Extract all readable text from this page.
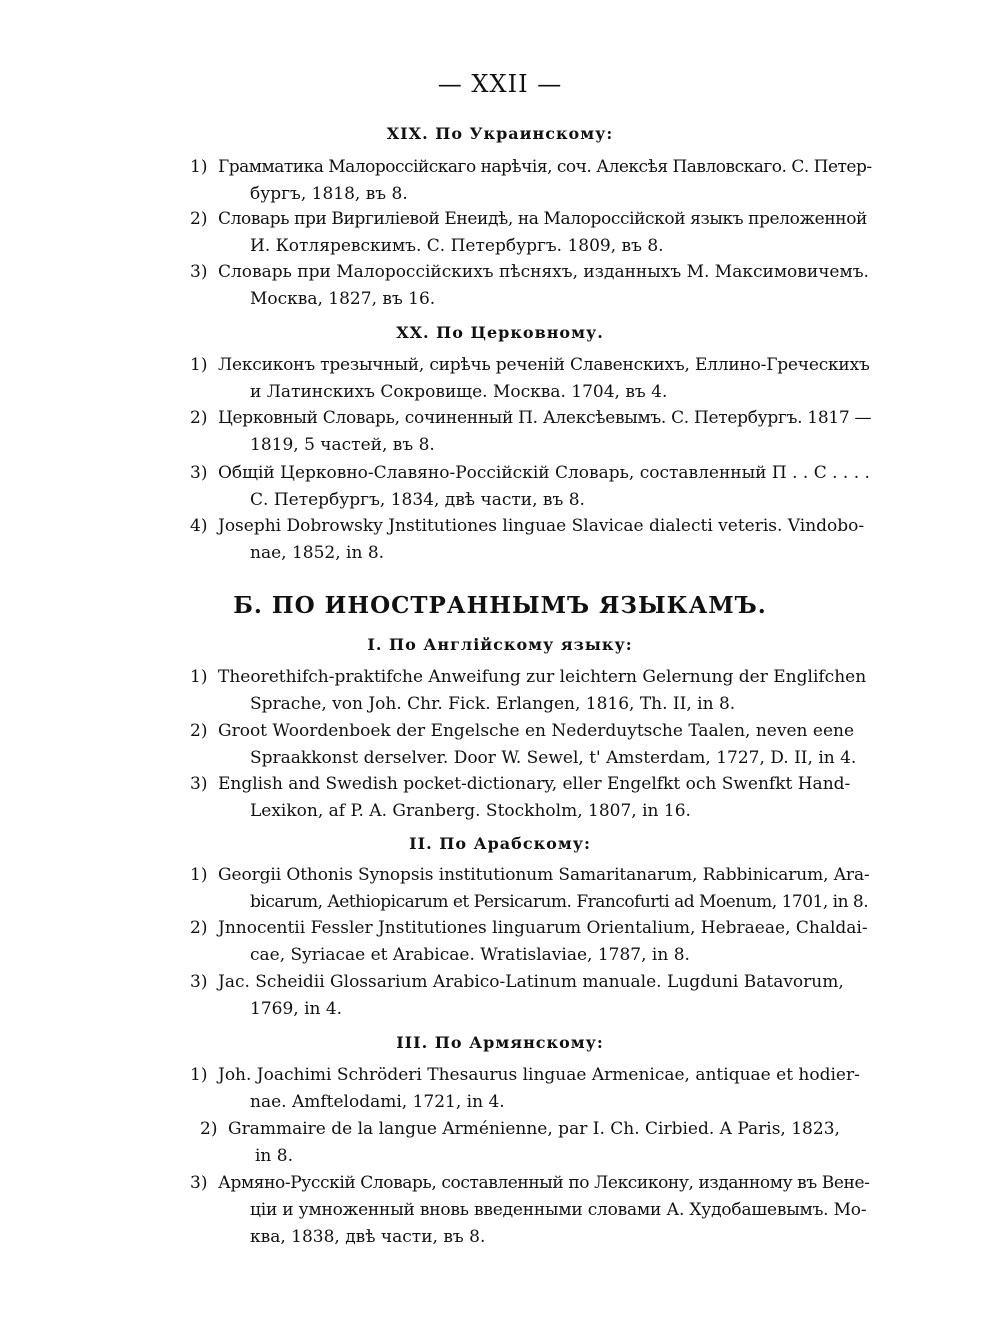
— XXII —
XIX. По Украинскому:
1) Грамматика Малороссійскаго нарѣчія, соч. Алексѣя Павловскаго. С. Петер-
бургъ, 1818, въ 8.
2) Словарь при Виргиліевой Енеидѣ, на Малороссійской языкъ преложенной
И. Котляревскимъ. С. Петербургъ. 1809, въ 8.
3) Словарь при Малороссійскихъ пѣсняхъ, изданныхъ М. Максимовичемъ.
Москва, 1827, въ 16.
XX. По Церковному.
1) Лексиконъ трезычный, сирѣчь реченій Славенскихъ, Еллино-Греческихъ
и Латинскихъ Сокровище. Москва. 1704, въ 4.
2) Церковный Словарь, сочиненный П. Алексѣевымъ. С. Петербургъ. 1817 —
1819, 5 частей, въ 8.
3) Общій Церковно-Славяно-Россійскій Словарь, составленный П . . С . . . .
С. Петербургъ, 1834, двѣ части, въ 8.
4) Josephi Dobrowsky Jnstitutiones linguae Slavicae dialecti veteris. Vindobo-
nae, 1852, in 8.
Б. ПО ИНОСТРАННЫМЪ ЯЗЫКАМЪ.
I. По Англійскому языку:
1) Theorethifch-praktifche Anweifung zur leichtern Gelernung der Englifchen
Sprache, von Joh. Chr. Fick. Erlangen, 1816, Th. II, in 8.
2) Groot Woordenboek der Engelsche en Nederduytsche Taalen, neven eene
Spraakkonst derselver. Door W. Sewel, t' Amsterdam, 1727, D. II, in 4.
3) English and Swedish pocket-dictionary, eller Engelfkt och Swenfkt Hand-
Lexikon, af P. A. Granberg. Stockholm, 1807, in 16.
II. По Арабскому:
1) Georgii Othonis Synopsis institutionum Samaritanarum, Rabbinicarum, Ara-
bicarum, Aethiopicarum et Persicarum. Francofurti ad Moenum, 1701, in 8.
2) Jnnocentii Fessler Jnstitutiones linguarum Orientalium, Hebraeae, Chaldai-
cae, Syriacae et Arabicae. Wratislaviae, 1787, in 8.
3) Jac. Scheidii Glossarium Arabico-Latinum manuale. Lugduni Batavorum,
1769, in 4.
III. По Армянскому:
1) Joh. Joachimi Schröderi Thesaurus linguae Armenicae, antiquae et hodier-
nae. Amftelodami, 1721, in 4.
2) Grammaire de la langue Arménienne, par I. Ch. Cirbied. A Paris, 1823,
in 8.
3) Армяно-Русскій Словарь, составленный по Лексикону, изданному въ Вене-
ціи и умноженный вновь введенными словами А. Худобашевымъ. Мо-
ква, 1838, двѣ части, въ 8.
